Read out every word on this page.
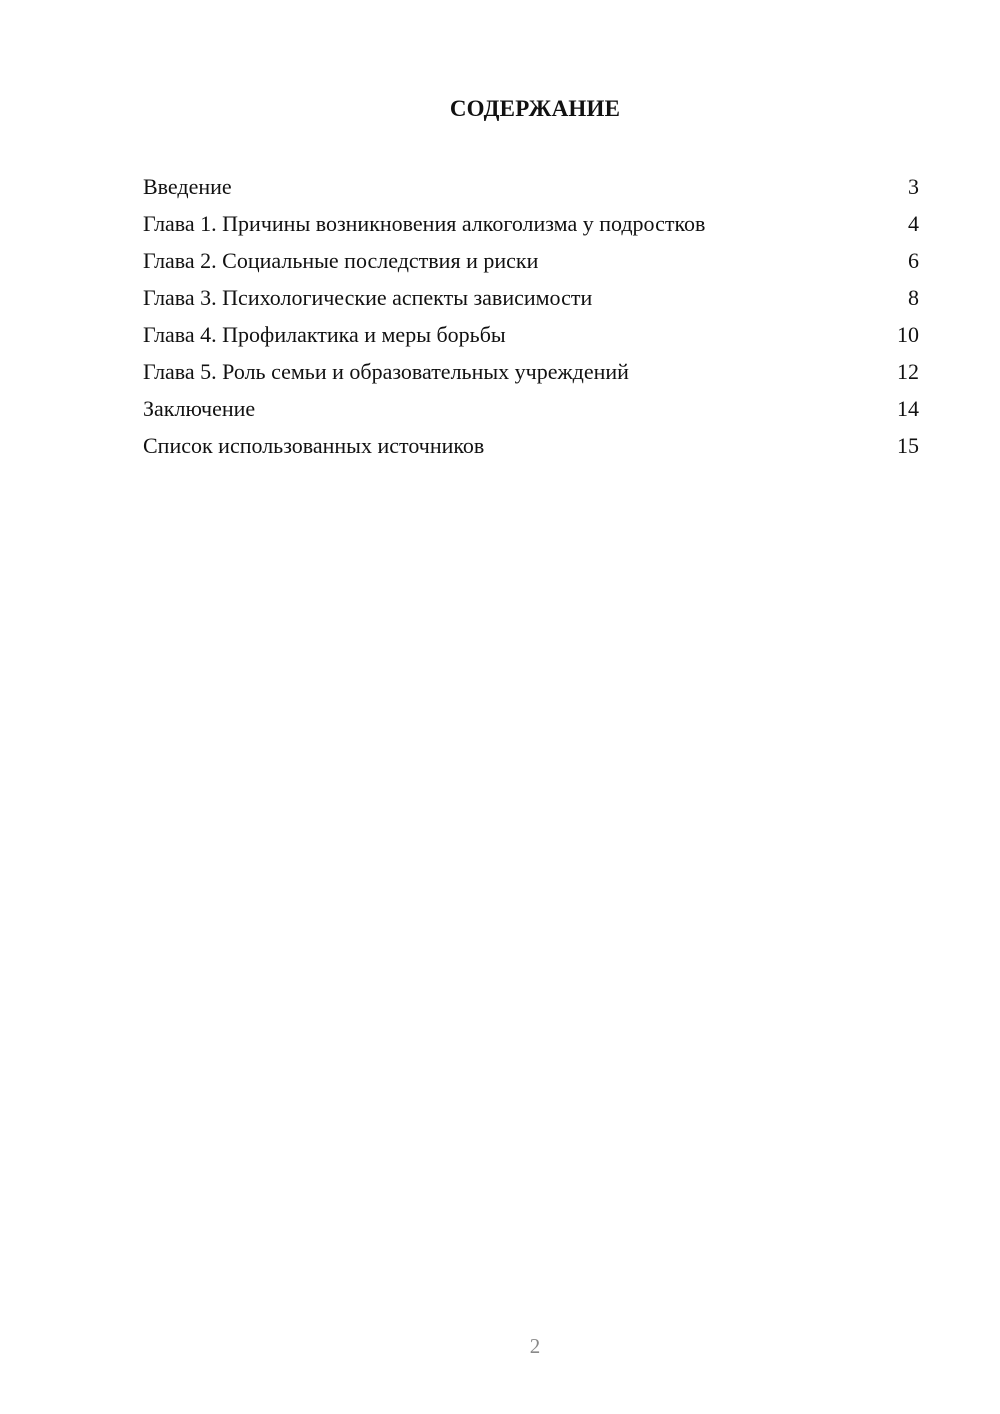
СОДЕРЖАНИЕ
Введение	3
Глава 1. Причины возникновения алкоголизма у подростков	4
Глава 2. Социальные последствия и риски	6
Глава 3. Психологические аспекты зависимости	8
Глава 4. Профилактика и меры борьбы	10
Глава 5. Роль семьи и образовательных учреждений	12
Заключение	14
Список использованных источников	15
2
